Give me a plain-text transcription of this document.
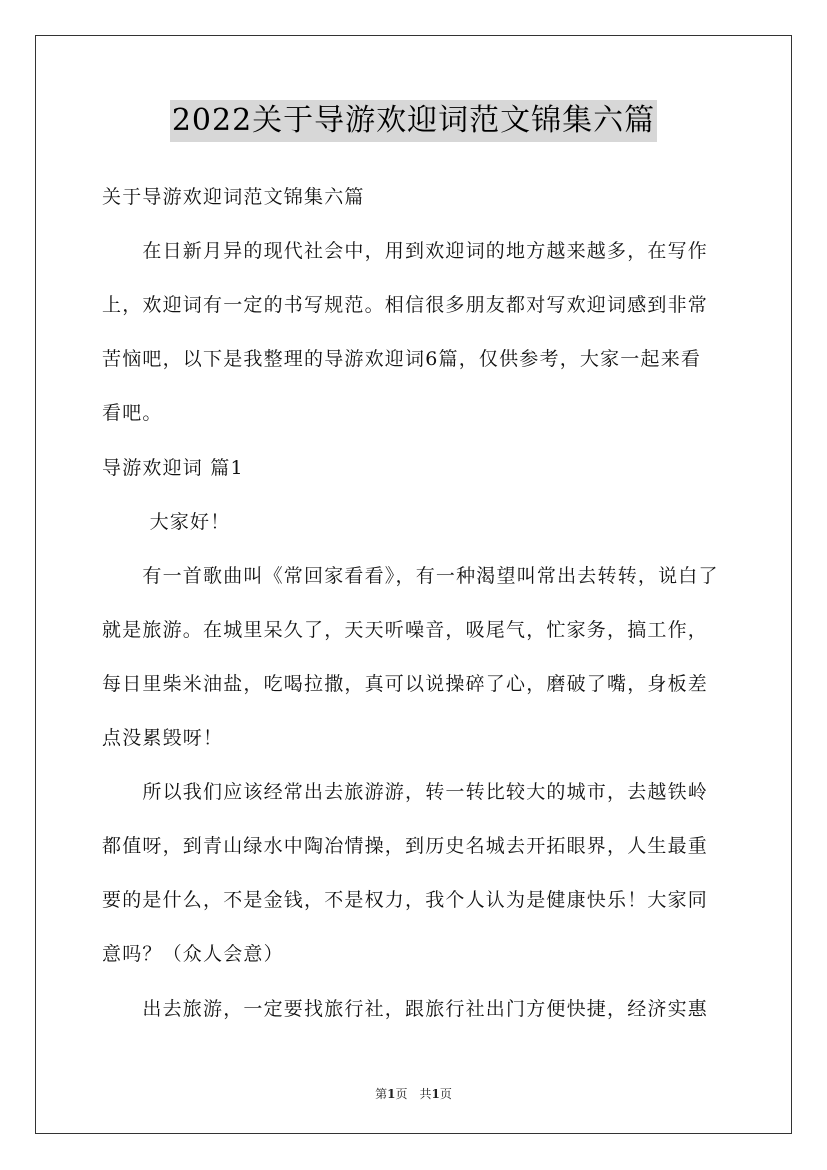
2022关于导游欢迎词范文锦集六篇
关于导游欢迎词范文锦集六篇
　　在日新月异的现代社会中，用到欢迎词的地方越来越多，在写作
上，欢迎词有一定的书写规范。相信很多朋友都对写欢迎词感到非常
苦恼吧，以下是我整理的导游欢迎词6篇，仅供参考，大家一起来看
看吧。
导游欢迎词 篇1
　　 大家好！
　　有一首歌曲叫《常回家看看》，有一种渴望叫常出去转转，说白了
就是旅游。在城里呆久了，天天听噪音，吸尾气，忙家务，搞工作，
每日里柴米油盐，吃喝拉撒，真可以说操碎了心，磨破了嘴，身板差
点没累毁呀！
　　所以我们应该经常出去旅游游，转一转比较大的城市，去越铁岭
都值呀，到青山绿水中陶冶情操，到历史名城去开拓眼界，人生最重
要的是什么，不是金钱，不是权力，我个人认为是健康快乐！大家同
意吗？（众人会意）
　　出去旅游，一定要找旅行社，跟旅行社出门方便快捷，经济实惠
第1页　共1页
